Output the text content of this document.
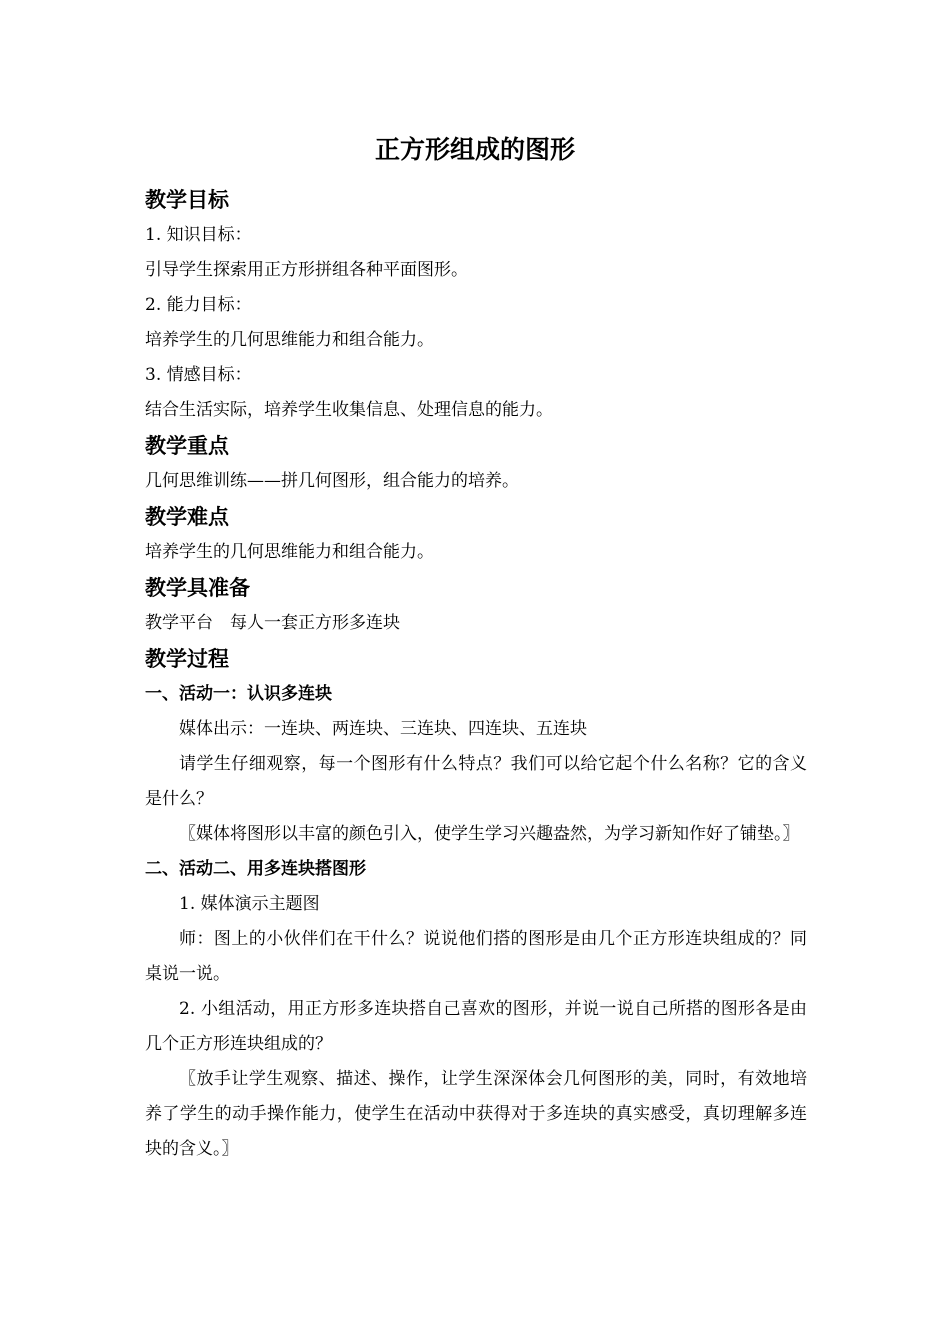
正方形组成的图形
教学目标
1. 知识目标：
引导学生探索用正方形拼组各种平面图形。
2. 能力目标：
培养学生的几何思维能力和组合能力。
3. 情感目标：
结合生活实际，培养学生收集信息、处理信息的能力。
教学重点
几何思维训练——拼几何图形，组合能力的培养。
教学难点
培养学生的几何思维能力和组合能力。
教学具准备
教学平台　每人一套正方形多连块
教学过程
一、活动一：认识多连块
媒体出示：一连块、两连块、三连块、四连块、五连块
请学生仔细观察，每一个图形有什么特点？我们可以给它起个什么名称？它的含义是什么？
〖媒体将图形以丰富的颜色引入，使学生学习兴趣盎然，为学习新知作好了铺垫。〗
二、活动二、用多连块搭图形
1. 媒体演示主题图
师：图上的小伙伴们在干什么？说说他们搭的图形是由几个正方形连块组成的？同桌说一说。
2. 小组活动，用正方形多连块搭自己喜欢的图形，并说一说自己所搭的图形各是由几个正方形连块组成的？
〖放手让学生观察、描述、操作，让学生深深体会几何图形的美，同时，有效地培养了学生的动手操作能力，使学生在活动中获得对于多连块的真实感受，真切理解多连块的含义。〗
